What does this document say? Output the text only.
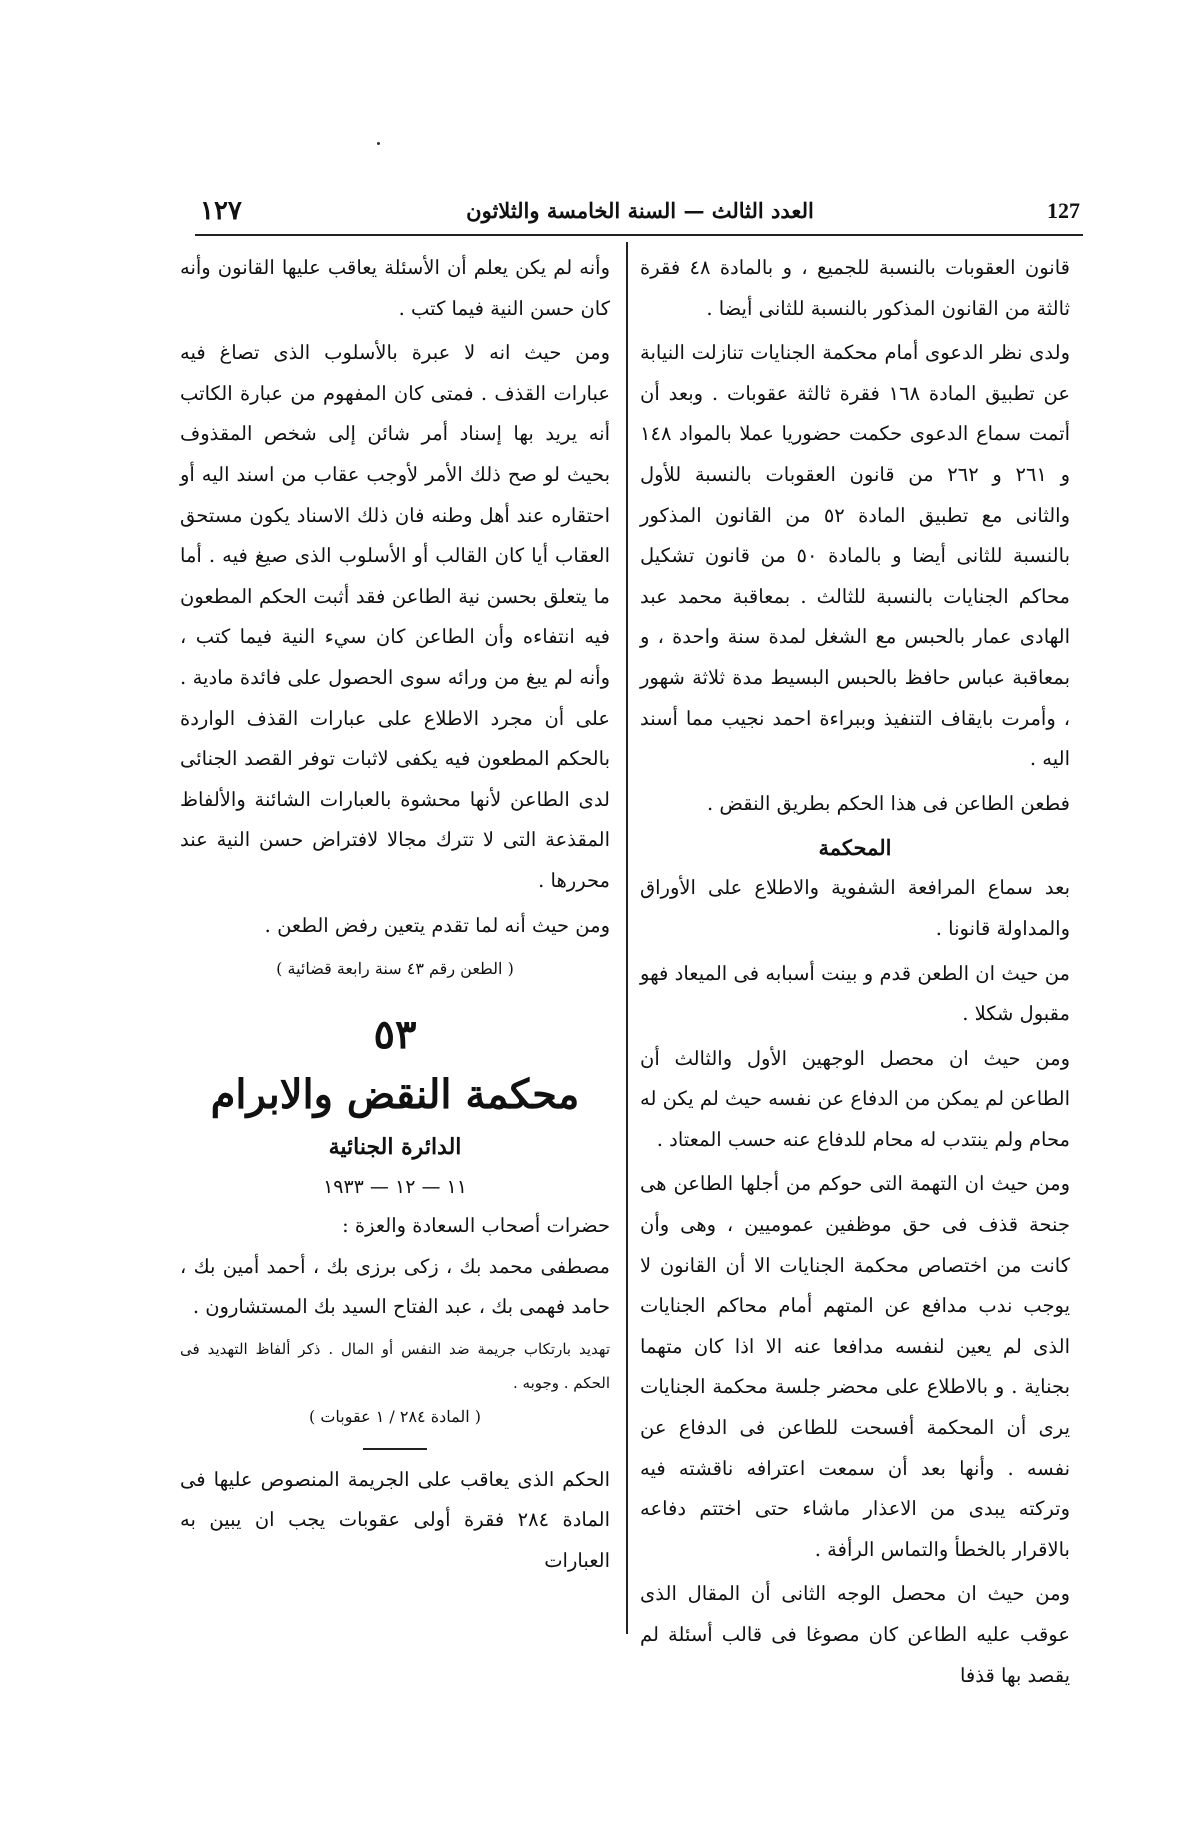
١٢٧	العدد الثالث — السنة الخامسة والثلاثون	127

قانون العقوبات بالنسبة للجميع ، و بالمادة ٤٨ فقرة ثالثة من القانون المذكور بالنسبة للثانى أيضا .

ولدى نظر الدعوى أمام محكمة الجنايات تنازلت النيابة عن تطبيق المادة ١٦٨ فقرة ثالثة عقوبات . وبعد أن أتمت سماع الدعوى حكمت حضوريا عملا بالمواد ١٤٨ و ٢٦١ و ٢٦٢ من قانون العقوبات بالنسبة للأول والثانى مع تطبيق المادة ٥٢ من القانون المذكور بالنسبة للثانى أيضا و بالمادة ٥٠ من قانون تشكيل محاكم الجنايات بالنسبة للثالث . بمعاقبة محمد عبد الهادى عمار بالحبس مع الشغل لمدة سنة واحدة ، و بمعاقبة عباس حافظ بالحبس البسيط مدة ثلاثة شهور ، وأمرت بايقاف التنفيذ وببراءة احمد نجيب مما أسند اليه .

فطعن الطاعن فى هذا الحكم بطريق النقض .

المحكمة

بعد سماع المرافعة الشفوية والاطلاع على الأوراق والمداولة قانونا .

من حيث ان الطعن قدم و بينت أسبابه فى الميعاد فهو مقبول شكلا .

ومن حيث ان محصل الوجهين الأول والثالث أن الطاعن لم يمكن من الدفاع عن نفسه حيث لم يكن له محام ولم ينتدب له محام للدفاع عنه حسب المعتاد .

ومن حيث ان التهمة التى حوكم من أجلها الطاعن هى جنحة قذف فى حق موظفين عموميين ، وهى وأن كانت من اختصاص محكمة الجنايات الا أن القانون لا يوجب ندب مدافع عن المتهم أمام محاكم الجنايات الذى لم يعين لنفسه مدافعا عنه الا اذا كان متهما بجناية . و بالاطلاع على محضر جلسة محكمة الجنايات يرى أن المحكمة أفسحت للطاعن فى الدفاع عن نفسه . وأنها بعد أن سمعت اعترافه ناقشته فيه وتركته يبدى من الاعذار ماشاء حتى اختتم دفاعه بالاقرار بالخطأ والتماس الرأفة .

ومن حيث ان محصل الوجه الثانى أن المقال الذى عوقب عليه الطاعن كان مصوغا فى قالب أسئلة لم يقصد بها قذفا

وأنه لم يكن يعلم أن الأسئلة يعاقب عليها القانون وأنه كان حسن النية فيما كتب .

ومن حيث انه لا عبرة بالأسلوب الذى تصاغ فيه عبارات القذف . فمتى كان المفهوم من عبارة الكاتب أنه يريد بها إسناد أمر شائن إلى شخص المقذوف بحيث لو صح ذلك الأمر لأوجب عقاب من اسند اليه أو احتقاره عند أهل وطنه فان ذلك الاسناد يكون مستحق العقاب أيا كان القالب أو الأسلوب الذى صيغ فيه . أما ما يتعلق بحسن نية الطاعن فقد أثبت الحكم المطعون فيه انتفاءه وأن الطاعن كان سيء النية فيما كتب ، وأنه لم يبغ من ورائه سوى الحصول على فائدة مادية . على أن مجرد الاطلاع على عبارات القذف الواردة بالحكم المطعون فيه يكفى لاثبات توفر القصد الجنائى لدى الطاعن لأنها محشوة بالعبارات الشائنة والألفاظ المقذعة التى لا تترك مجالا لافتراض حسن النية عند محررها .

ومن حيث أنه لما تقدم يتعين رفض الطعن .

( الطعن رقم ٤٣ سنة رابعة قضائية )

٥٣
محكمة النقض والابرام
الدائرة الجنائية
١١ — ١٢ — ١٩٣٣

حضرات أصحاب السعادة والعزة :

مصطفى محمد بك ، زكى برزى بك ، أحمد أمين بك ، حامد فهمى بك ، عبد الفتاح السيد بك المستشارون .

تهديد بارتكاب جريمة ضد النفس أو المال . ذكر ألفاظ التهديد فى الحكم . وجوبه .

( المادة ٢٨٤ / ١ عقوبات )

الحكم الذى يعاقب على الجريمة المنصوص عليها فى المادة ٢٨٤ فقرة أولى عقوبات يجب ان يبين به العبارات
